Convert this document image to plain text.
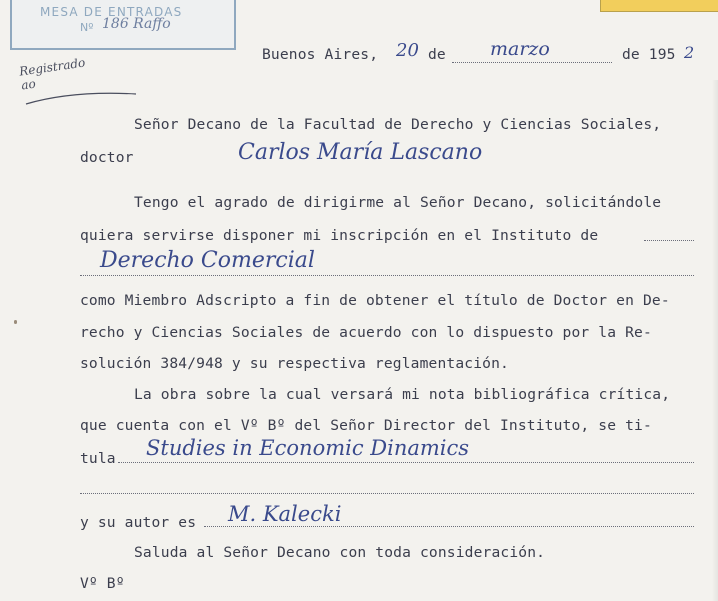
MESA DE ENTRADAS
Nº 186 Raffo
Registrado
ao
Buenos Aires, 20 de marzo	de 195 2
Señor Decano de la Facultad de Derecho y Ciencias Sociales,
doctor	Carlos María Lascano
Tengo el agrado de dirigirme al Señor Decano, solicitándole
quiera servirse disponer mi inscripción en el Instituto de
Derecho Comercial
como Miembro Adscripto a fin de obtener el título de Doctor en De-
recho y Ciencias Sociales de acuerdo con lo dispuesto por la Re-
solución 384/948 y su respectiva reglamentación.
La obra sobre la cual versará mi nota bibliográfica crítica,
que cuenta con el Vº Bº del Señor Director del Instituto, se ti-
tula Studies in Economic Dinamics
y su autor es M. Kalecki
Saluda al Señor Decano con toda consideración.
Vº Bº
